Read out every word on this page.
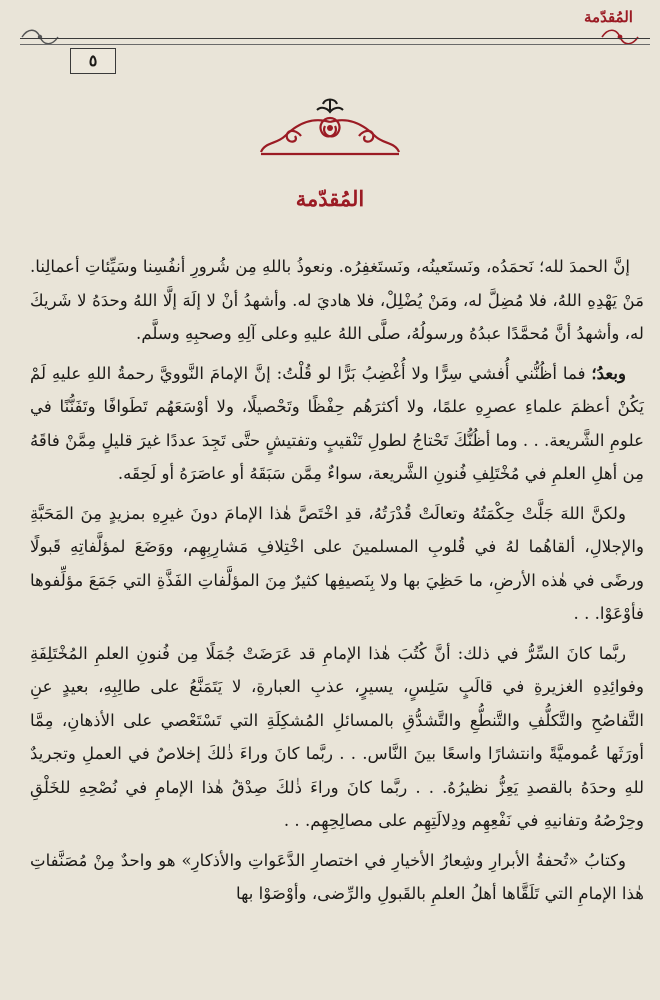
المُقدّمة
٥
المُقدّمة

إنَّ الحمدَ لله؛ نَحمَدُه، ونَستَعينُه، ونَستَغفِرُه. ونعوذُ باللهِ مِن شُرورِ أنفُسِنا وسَيِّئاتِ أعمالِنا. مَنْ يَهْدِهِ اللهُ، فلا مُضِلَّ له، ومَنْ يُضْلِلْ، فلا هاديَ له. وأشهدُ أنْ لا إلَهَ إلَّا اللهُ وحدَهُ لا شَريكَ له، وأشهدُ أنَّ مُحمَّدًا عبدُهُ ورسولُهُ، صلَّى اللهُ عليهِ وعلى آلِهِ وصحبِهِ وسلَّم.

وبعدُ؛ فما أظُنُّني أُفشي سِرًّا ولا أُغْضِبُ بَرًّا لو قُلْتُ: إنَّ الإمامَ النَّوويَّ رحمةُ اللهِ عليهِ لَمْ يَكُنْ أعظمَ علماءِ عصرِهِ علمًا، ولا أكثرَهُم حِفْظًا وتَحْصيلًا، ولا أوْسَعَهُم تَطَوافًا وتَفَنُّنًا في علومِ الشَّريعة. . . وما أظُنُّكَ تَحْتاجُ لطولِ تَنْقيبٍ وتفتيشٍ حتَّى تَجِدَ عددًا غيرَ قليلٍ مِمَّنْ فاقَهُ مِن أهلِ العلمِ في مُخْتَلِفِ فُنونِ الشَّريعة، سواءٌ مِمَّن سَبَقَهُ أو عاصَرَهُ أو لَحِقَه.

ولكنَّ اللهَ جَلَّتْ حِكْمَتُهُ وتعالَتْ قُدْرَتُهُ، قدِ اخْتَصَّ هٰذا الإمامَ دونَ غيرِهِ بمزيدٍ مِنَ المَحَبَّةِ والإجلالِ، ألقاهُما لهُ في قُلوبِ المسلمينَ على اخْتِلافِ مَشارِبِهِم، ووَضَعَ لمؤلَّفاتِهِ قَبولًا ورضًى في هٰذه الأرضِ، ما حَظِيَ بها ولا بِنَصيفِها كثيرٌ مِنَ المؤلَّفاتِ الفَذَّةِ التي جَمَعَ مؤلِّفوها فأوْعَوْا. . .

ربَّما كانَ السِّرُّ في ذلك: أنَّ كُتُبَ هٰذا الإمامِ قد عَرَضَتْ جُمَلًا مِن فُنونِ العلمِ المُخْتَلِفَةِ وفوائِدِهِ الغزيرةِ في قالَبٍ سَلِسٍ، يسيرٍ، عذبِ العبارةِ، لا يَتَمَنَّعُ على طالِبِهِ، بعيدٍ عنِ التَّفاصُحِ والتَّكلُّفِ والتَّنطُّعِ والتَّشدُّقِ بالمسائلِ المُشكِلَةِ التي تَسْتَعْصي على الأذهانِ، مِمَّا أورَثَها عُموميَّةً وانتشارًا واسعًا بينَ النَّاس. . . ربَّما كانَ وراءَ ذٰلكَ إخلاصٌ في العملِ وتجريدٌ للهِ وحدَهُ بالقصدِ يَعِزُّ نظيرُهُ. . . ربَّما كانَ وراءَ ذٰلكَ صِدْقُ هٰذا الإمامِ في نُصْحِهِ للخَلْقِ وحِرْصُهُ وتفانيهِ في نَفْعِهِم ودِلالَتِهِم على مصالِحِهِم. . .

وكتابُ «تُحفةُ الأبرارِ وشِعارُ الأخيارِ في اختصارِ الدَّعَواتِ والأذكارِ» هو واحدٌ مِنْ مُصَنَّفاتِ هٰذا الإمامِ التي تَلَقَّاها أهلُ العلمِ بالقَبولِ والرِّضى، وأوْصَوْا بها
